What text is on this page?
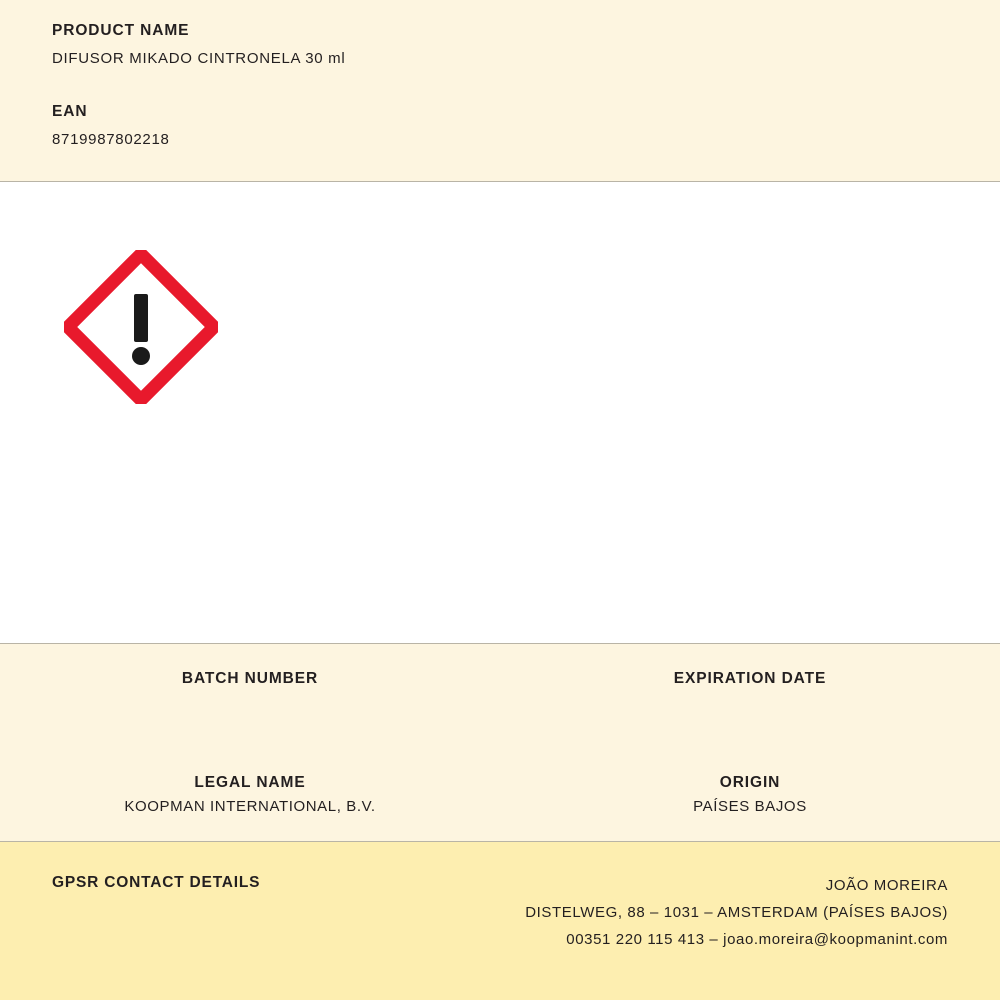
PRODUCT NAME

DIFUSOR MIKADO CINTRONELA 30 ml

EAN

8719987802218

BATCH NUMBER	EXPIRATION DATE

LEGAL NAME

KOOPMAN INTERNATIONAL, B.V.

ORIGIN

PAÍSES BAJOS

GPSR CONTACT DETAILS	JOÃO MOREIRA
DISTELWEG, 88 – 1031 – AMSTERDAM (PAÍSES BAJOS)
00351 220 115 413 – joao.moreira@koopmanint.com
